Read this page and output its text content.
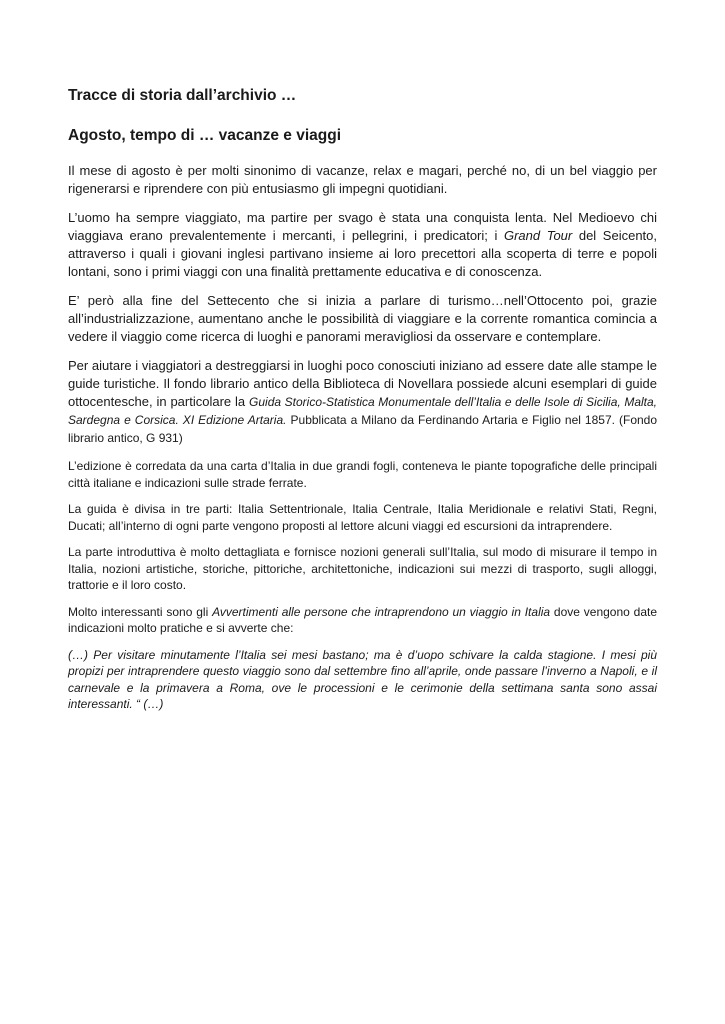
Tracce di storia dall’archivio …
Agosto, tempo di … vacanze e viaggi

Il mese di agosto è per molti sinonimo di vacanze, relax e magari, perché no, di un bel viaggio per rigenerarsi e riprendere con più entusiasmo gli impegni quotidiani.

L’uomo ha sempre viaggiato, ma partire per svago è stata una conquista lenta. Nel Medioevo chi viaggiava erano prevalentemente i mercanti, i pellegrini, i predicatori; i Grand Tour del Seicento, attraverso i quali i giovani inglesi partivano insieme ai loro precettori alla scoperta di terre e popoli lontani, sono i primi viaggi con una finalità prettamente educativa e di conoscenza.

E’ però alla fine del Settecento che si inizia a parlare di turismo…nell’Ottocento poi, grazie all’industrializzazione, aumentano anche le possibilità di viaggiare e la corrente romantica comincia a vedere il viaggio come ricerca di luoghi e panorami meravigliosi da osservare e contemplare.

Per aiutare i viaggiatori a destreggiarsi in luoghi poco conosciuti iniziano ad essere date alle stampe le guide turistiche. Il fondo librario antico della Biblioteca di Novellara possiede alcuni esemplari di guide ottocentesche, in particolare la Guida Storico-Statistica Monumentale dell’Italia e delle Isole di Sicilia, Malta, Sardegna e Corsica. XI Edizione Artaria. Pubblicata a Milano da Ferdinando Artaria e Figlio nel 1857. (Fondo librario antico, G 931)

L’edizione è corredata da una carta d’Italia in due grandi fogli, conteneva le piante topografiche delle principali città italiane e indicazioni sulle strade ferrate.

La guida è divisa in tre parti: Italia Settentrionale, Italia Centrale, Italia Meridionale e relativi Stati, Regni, Ducati; all’interno di ogni parte vengono proposti al lettore alcuni viaggi ed escursioni da intraprendere.

La parte introduttiva è molto dettagliata e fornisce nozioni generali sull’Italia, sul modo di misurare il tempo in Italia, nozioni artistiche, storiche, pittoriche, architettoniche, indicazioni sui mezzi di trasporto, sugli alloggi, trattorie e il loro costo.

Molto interessanti sono gli Avvertimenti alle persone che intraprendono un viaggio in Italia dove vengono date indicazioni molto pratiche e si avverte che:

(…) Per visitare minutamente l’Italia sei mesi bastano; ma è d’uopo schivare la calda stagione. I mesi più propizi per intraprendere questo viaggio sono dal settembre fino all’aprile, onde passare l’inverno a Napoli, e il carnevale e la primavera a Roma, ove le processioni e le cerimonie della settimana santa sono assai interessanti. “ (…)
